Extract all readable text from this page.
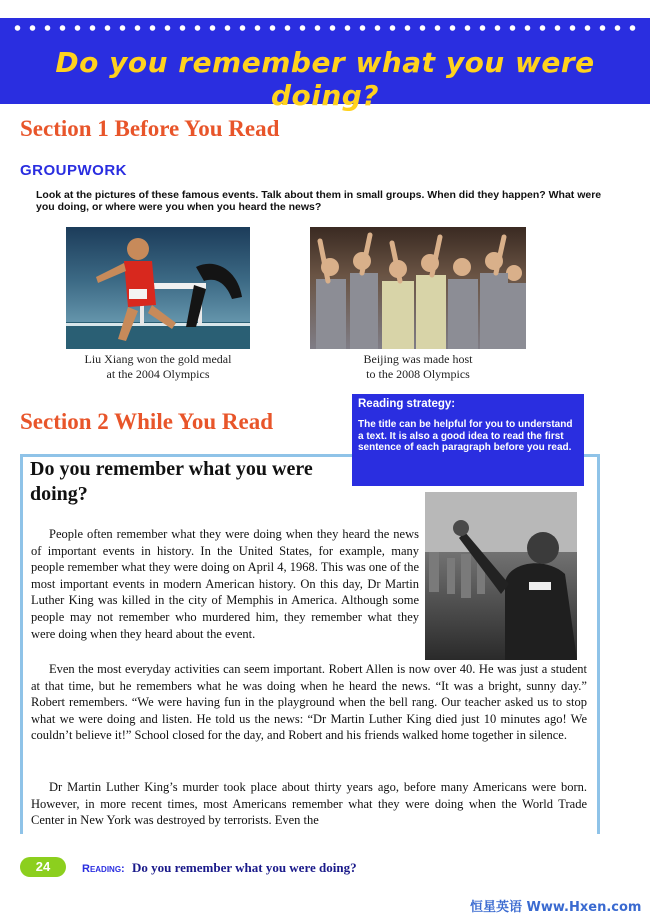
Do you remember what you were doing?
Section 1 Before You Read
GROUPWORK
Look at the pictures of these famous events. Talk about them in small groups. When did they happen? What were you doing, or where were you when you heard the news?
Liu Xiang won the gold medal
at the 2004 Olympics
Beijing was made host
to the 2008 Olympics
Section 2 While You Read
Reading strategy:
The title can be helpful for you to understand a text. It is also a good idea to read the first sentence of each paragraph before you read.
Do you remember what you were doing?

People often remember what they were doing when they heard the news of important events in history. In the United States, for example, many people remember what they were doing on April 4, 1968. This was one of the most important events in modern American history. On this day, Dr Martin Luther King was killed in the city of Memphis in America. Although some people may not remember who murdered him, they remember what they were doing when they heard about the event.

Even the most everyday activities can seem important. Robert Allen is now over 40. He was just a student at that time, but he remembers what he was doing when he heard the news. “It was a bright, sunny day.” Robert remembers. “We were having fun in the playground when the bell rang. Our teacher asked us to stop what we were doing and listen. He told us the news: “Dr Martin Luther King died just 10 minutes ago! We couldn’t believe it!” School closed for the day, and Robert and his friends walked home together in silence.

Dr Martin Luther King’s murder took place about thirty years ago, before many Americans were born. However, in more recent times, most Americans remember what they were doing when the World Trade Center in New York was destroyed by terrorists. Even the

24	Reading: Do you remember what you were doing?
恒星英语 Www.Hxen.com
